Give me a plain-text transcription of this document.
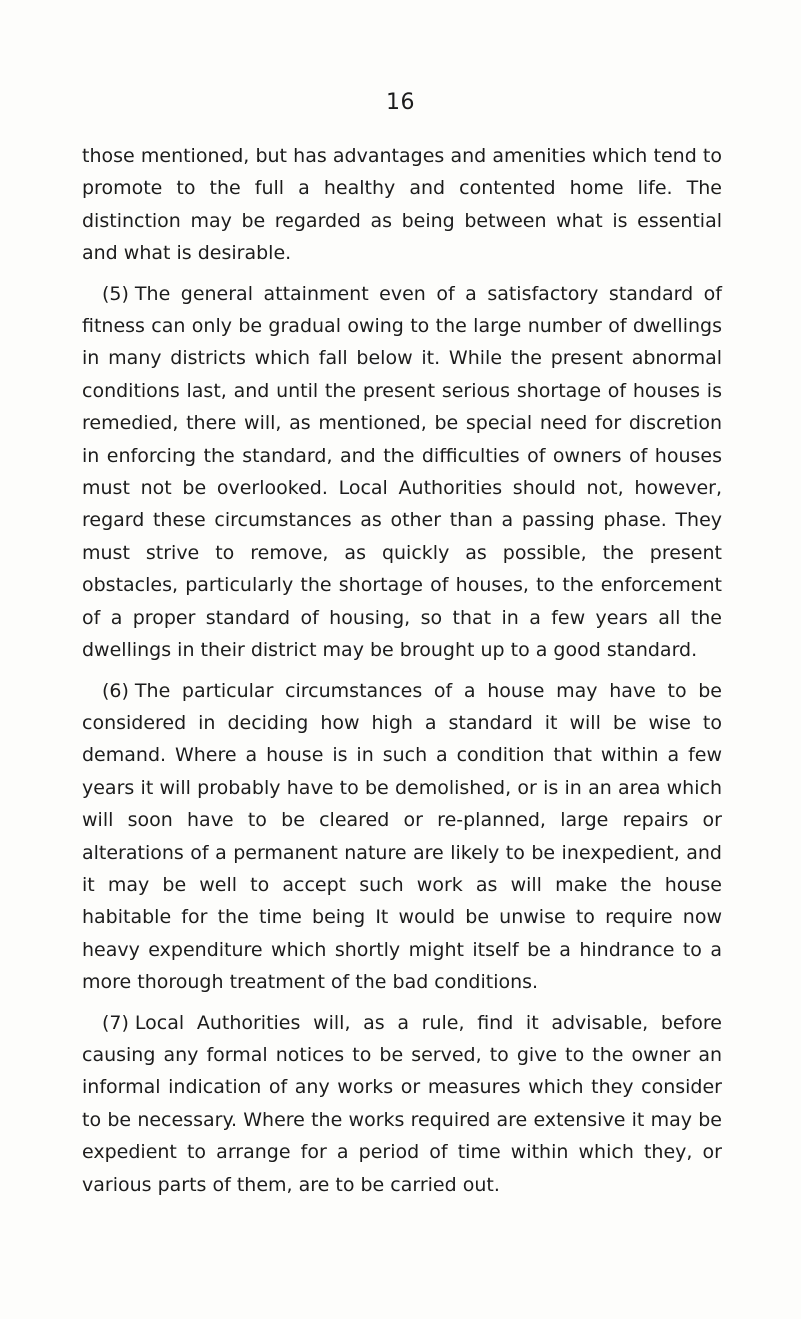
16

those mentioned, but has advantages and amenities which tend to promote to the full a healthy and contented home life. The distinction may be regarded as being between what is essential and what is desirable.

(5) The general attainment even of a satisfactory standard of fitness can only be gradual owing to the large number of dwellings in many districts which fall below it. While the present abnormal conditions last, and until the present serious shortage of houses is remedied, there will, as mentioned, be special need for discretion in enforcing the standard, and the difficulties of owners of houses must not be overlooked. Local Authorities should not, however, regard these circumstances as other than a passing phase. They must strive to remove, as quickly as possible, the present obstacles, particularly the shortage of houses, to the enforcement of a proper standard of housing, so that in a few years all the dwellings in their district may be brought up to a good standard.

(6) The particular circumstances of a house may have to be considered in deciding how high a standard it will be wise to demand. Where a house is in such a condition that within a few years it will probably have to be demolished, or is in an area which will soon have to be cleared or re-planned, large repairs or alterations of a permanent nature are likely to be inexpedient, and it may be well to accept such work as will make the house habitable for the time being It would be unwise to require now heavy expenditure which shortly might itself be a hindrance to a more thorough treatment of the bad conditions.

(7) Local Authorities will, as a rule, find it advisable, before causing any formal notices to be served, to give to the owner an informal indication of any works or measures which they consider to be necessary. Where the works required are extensive it may be expedient to arrange for a period of time within which they, or various parts of them, are to be carried out.
